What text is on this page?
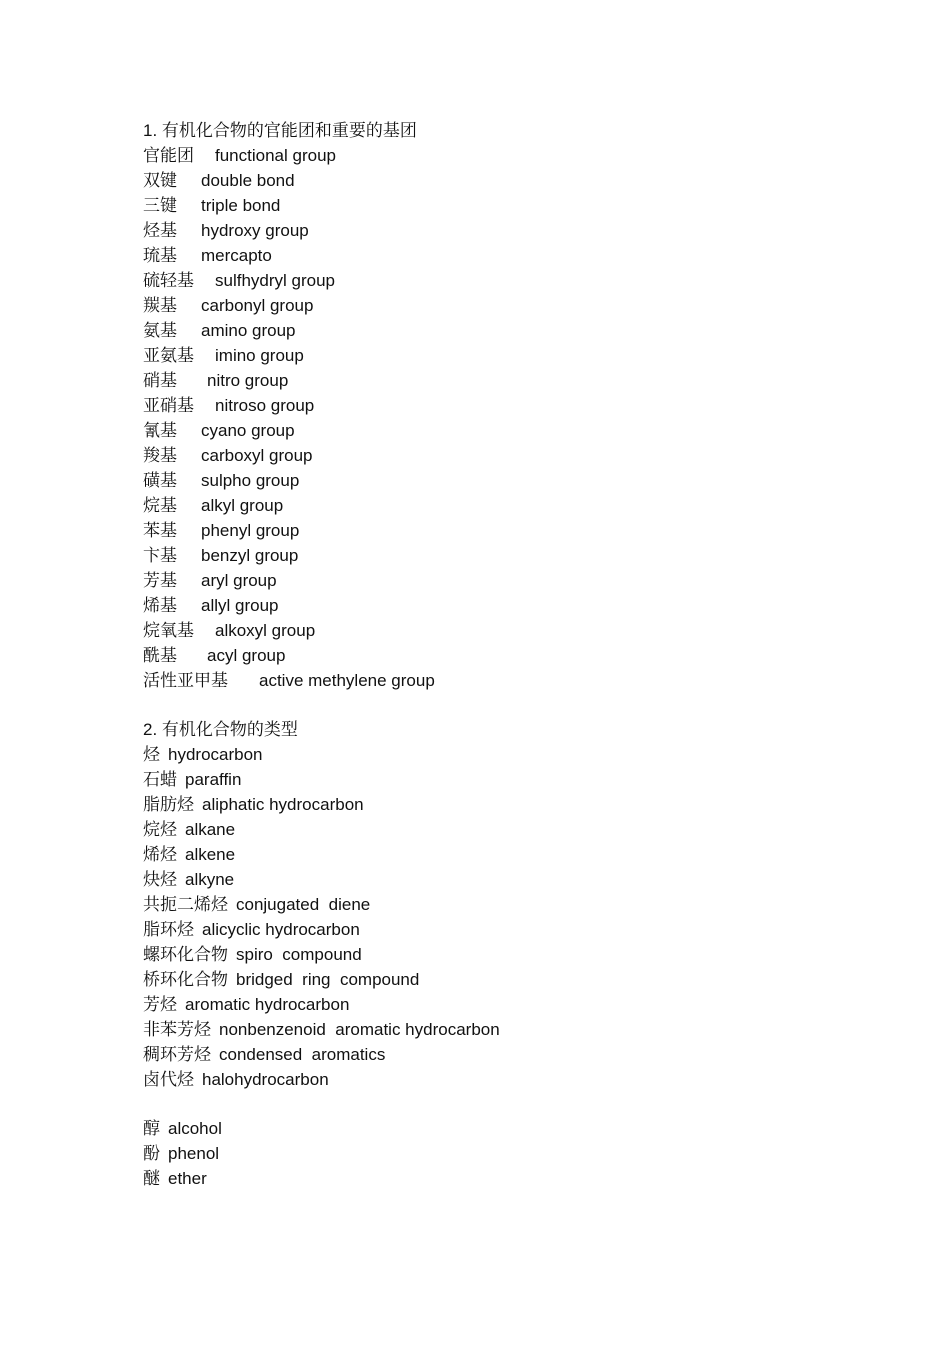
1. 有机化合物的官能团和重要的基团
官能团 functional group
双键 double bond
三键 triple bond
烃基 hydroxy group
琉基 mercapto
硫轻基 sulfhydryl group
羰基 carbonyl group
氨基 amino group
亚氨基 imino group
硝基 nitro group
亚硝基 nitroso group
氰基 cyano group
羧基 carboxyl group
磺基 sulpho group
烷基 alkyl group
苯基 phenyl group
卞基 benzyl group
芳基 aryl group
烯基 allyl group
烷氧基 alkoxyl group
酰基 acyl group
活性亚甲基 active methylene group
2. 有机化合物的类型
烃 hydrocarbon
石蜡 paraffin
脂肪烃 aliphatic hydrocarbon
烷烃 alkane
烯烃 alkene
炔烃 alkyne
共扼二烯烃 conjugated  diene
脂环烃 alicyclic hydrocarbon
螺环化合物 spiro  compound
桥环化合物 bridged  ring  compound
芳烃 aromatic hydrocarbon
非苯芳烃 nonbenzenoid  aromatic hydrocarbon
稠环芳烃 condensed  aromatics
卤代烃 halohydrocarbon
醇 alcohol
酚 phenol
醚 ether
